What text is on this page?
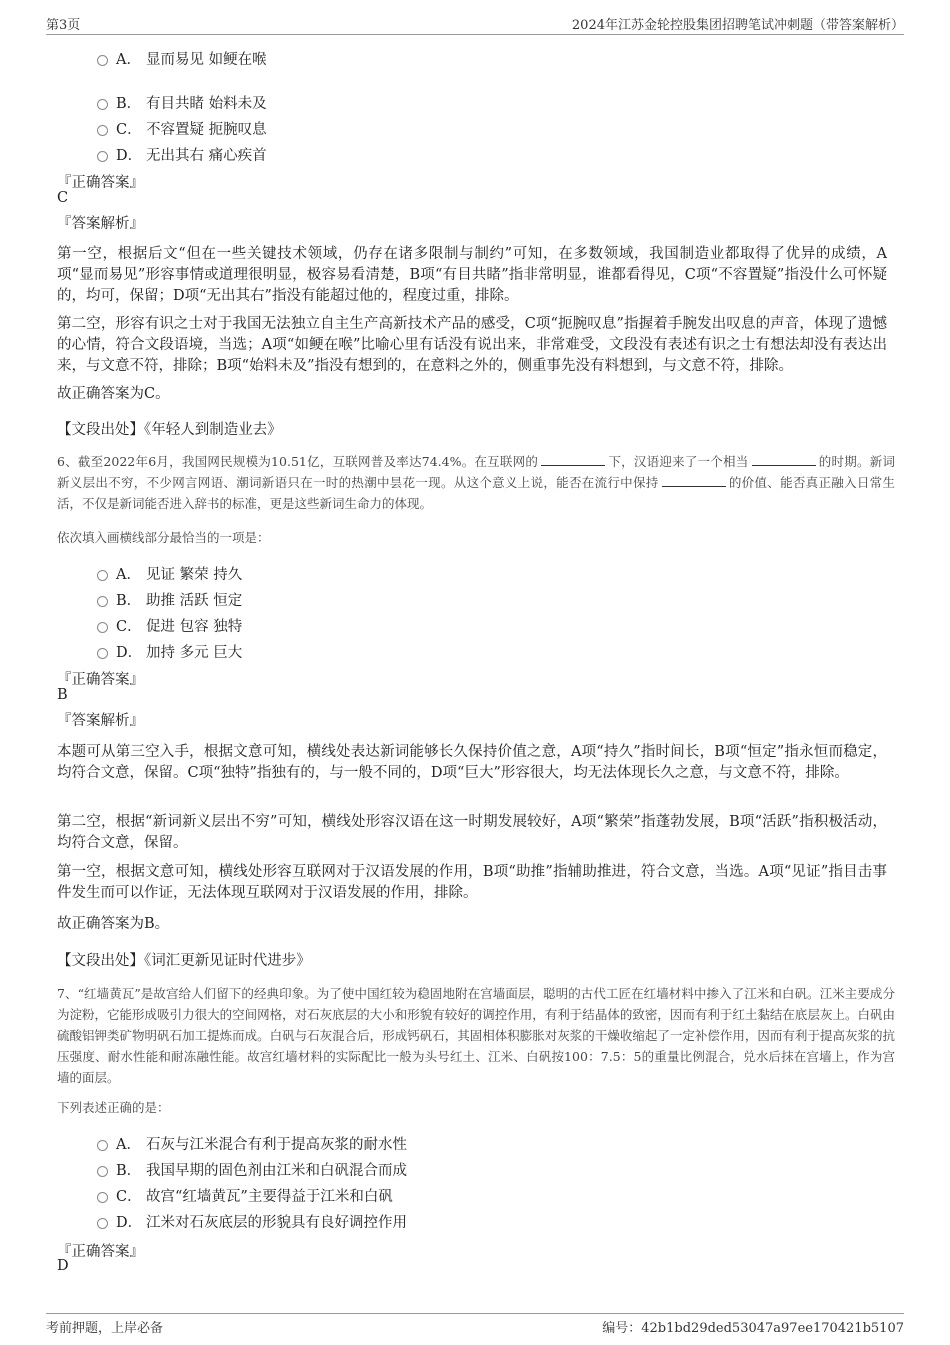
第3页	2024年江苏金轮控股集团招聘笔试冲刺题（带答案解析）
A． 显而易见 如鲠在喉
B． 有目共睹 始料未及
C． 不容置疑 扼腕叹息
D． 无出其右 痛心疾首
『正确答案』
C
『答案解析』
第一空，根据后文“但在一些关键技术领域，仍存在诸多限制与制约”可知，在多数领域，我国制造业都取得了优异的成绩，A项“显而易见”形容事情或道理很明显，极容易看清楚，B项“有目共睹”指非常明显，谁都看得见，C项“不容置疑”指没什么可怀疑的，均可，保留；D项“无出其右”指没有能超过他的，程度过重，排除。
第二空，形容有识之士对于我国无法独立自主生产高新技术产品的感受，C项“扼腕叹息”指握着手腕发出叹息的声音，体现了遗憾的心情，符合文段语境，当选；A项“如鲠在喉”比喻心里有话没有说出来，非常难受，文段没有表述有识之士有想法却没有表达出来，与文意不符，排除；B项“始料未及”指没有想到的，在意料之外的，侧重事先没有料想到，与文意不符，排除。
故正确答案为C。
【文段出处】《年轻人到制造业去》
6、截至2022年6月，我国网民规模为10.51亿，互联网普及率达74.4%。在互联网的	下，汉语迎来了一个相当	的时期。新词新义层出不穷，不少网言网语、潮词新语只在一时的热潮中昙花一现。从这个意义上说，能否在流行中保持	的价值、能否真正融入日常生活，不仅是新词能否进入辞书的标准，更是这些新词生命力的体现。
依次填入画横线部分最恰当的一项是：
A． 见证 繁荣 持久
B． 助推 活跃 恒定
C． 促进 包容 独特
D． 加持 多元 巨大
『正确答案』
B
『答案解析』
本题可从第三空入手，根据文意可知，横线处表达新词能够长久保持价值之意，A项“持久”指时间长，B项“恒定”指永恒而稳定，均符合文意，保留。C项“独特”指独有的，与一般不同的，D项“巨大”形容很大，均无法体现长久之意，与文意不符，排除。
第二空，根据“新词新义层出不穷”可知，横线处形容汉语在这一时期发展较好，A项“繁荣”指蓬勃发展，B项“活跃”指积极活动，均符合文意，保留。
第一空，根据文意可知，横线处形容互联网对于汉语发展的作用，B项“助推”指辅助推进，符合文意，当选。A项“见证”指目击事件发生而可以作证，无法体现互联网对于汉语发展的作用，排除。
故正确答案为B。
【文段出处】《词汇更新见证时代进步》
7、“红墙黄瓦”是故宫给人们留下的经典印象。为了使中国红较为稳固地附在宫墙面层，聪明的古代工匠在红墙材料中掺入了江米和白矾。江米主要成分为淀粉，它能形成吸引力很大的空间网格，对石灰底层的大小和形貌有较好的调控作用，有利于结晶体的致密，因而有利于红土黏结在底层灰上。白矾由硫酸铝钾类矿物明矾石加工提炼而成。白矾与石灰混合后，形成钙矾石，其固相体积膨胀对灰浆的干燥收缩起了一定补偿作用，因而有利于提高灰浆的抗压强度、耐水性能和耐冻融性能。故宫红墙材料的实际配比一般为头号红土、江米、白矾按100：7.5：5的重量比例混合，兑水后抹在宫墙上，作为宫墙的面层。
下列表述正确的是：
A． 石灰与江米混合有利于提高灰浆的耐水性
B． 我国早期的固色剂由江米和白矾混合而成
C． 故宫“红墙黄瓦”主要得益于江米和白矾
D． 江米对石灰底层的形貌具有良好调控作用
『正确答案』
D
考前押题，上岸必备	编号：42b1bd29ded53047a97ee170421b5107
